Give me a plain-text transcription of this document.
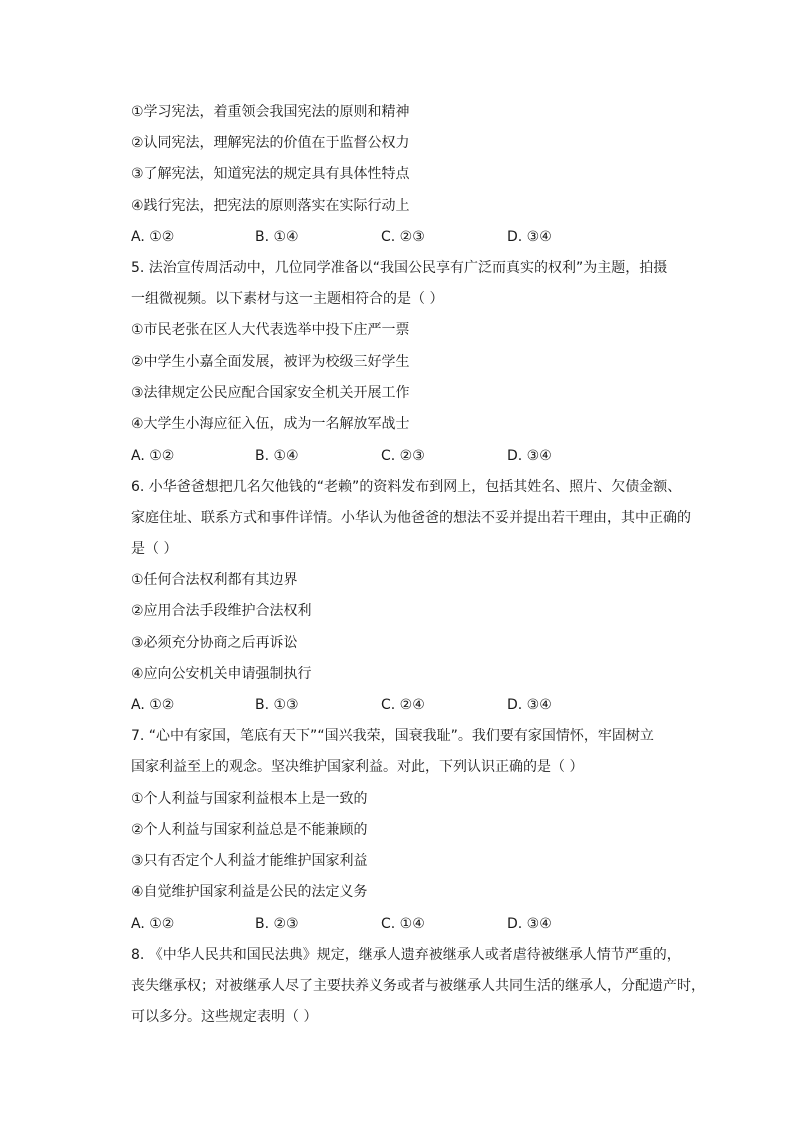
①学习宪法，着重领会我国宪法的原则和精神
②认同宪法，理解宪法的价值在于监督公权力
③了解宪法，知道宪法的规定具有具体性特点
④践行宪法，把宪法的原则落实在实际行动上
A. ①②	B. ①④	C. ②③	D. ③④
5. 法治宣传周活动中，几位同学准备以“我国公民享有广泛而真实的权利”为主题，拍摄
一组微视频。以下素材与这一主题相符合的是（ ）
①市民老张在区人大代表选举中投下庄严一票
②中学生小嘉全面发展，被评为校级三好学生
③法律规定公民应配合国家安全机关开展工作
④大学生小海应征入伍，成为一名解放军战士
A. ①②	B. ①④	C. ②③	D. ③④
6. 小华爸爸想把几名欠他钱的“老赖”的资料发布到网上，包括其姓名、照片、欠债金额、
家庭住址、联系方式和事件详情。小华认为他爸爸的想法不妥并提出若干理由，其中正确的
是（ ）
①任何合法权利都有其边界
②应用合法手段维护合法权利
③必须充分协商之后再诉讼
④应向公安机关申请强制执行
A. ①②	B. ①③	C. ②④	D. ③④
7. “心中有家国，笔底有天下”“国兴我荣，国衰我耻”。我们要有家国情怀，牢固树立
国家利益至上的观念。坚决维护国家利益。对此，下列认识正确的是（ ）
①个人利益与国家利益根本上是一致的
②个人利益与国家利益总是不能兼顾的
③只有否定个人利益才能维护国家利益
④自觉维护国家利益是公民的法定义务
A. ①②	B. ②③	C. ①④	D. ③④
8. 《中华人民共和国民法典》规定，继承人遗弃被继承人或者虐待被继承人情节严重的，
丧失继承权；对被继承人尽了主要扶养义务或者与被继承人共同生活的继承人，分配遗产时，
可以多分。这些规定表明（ ）
